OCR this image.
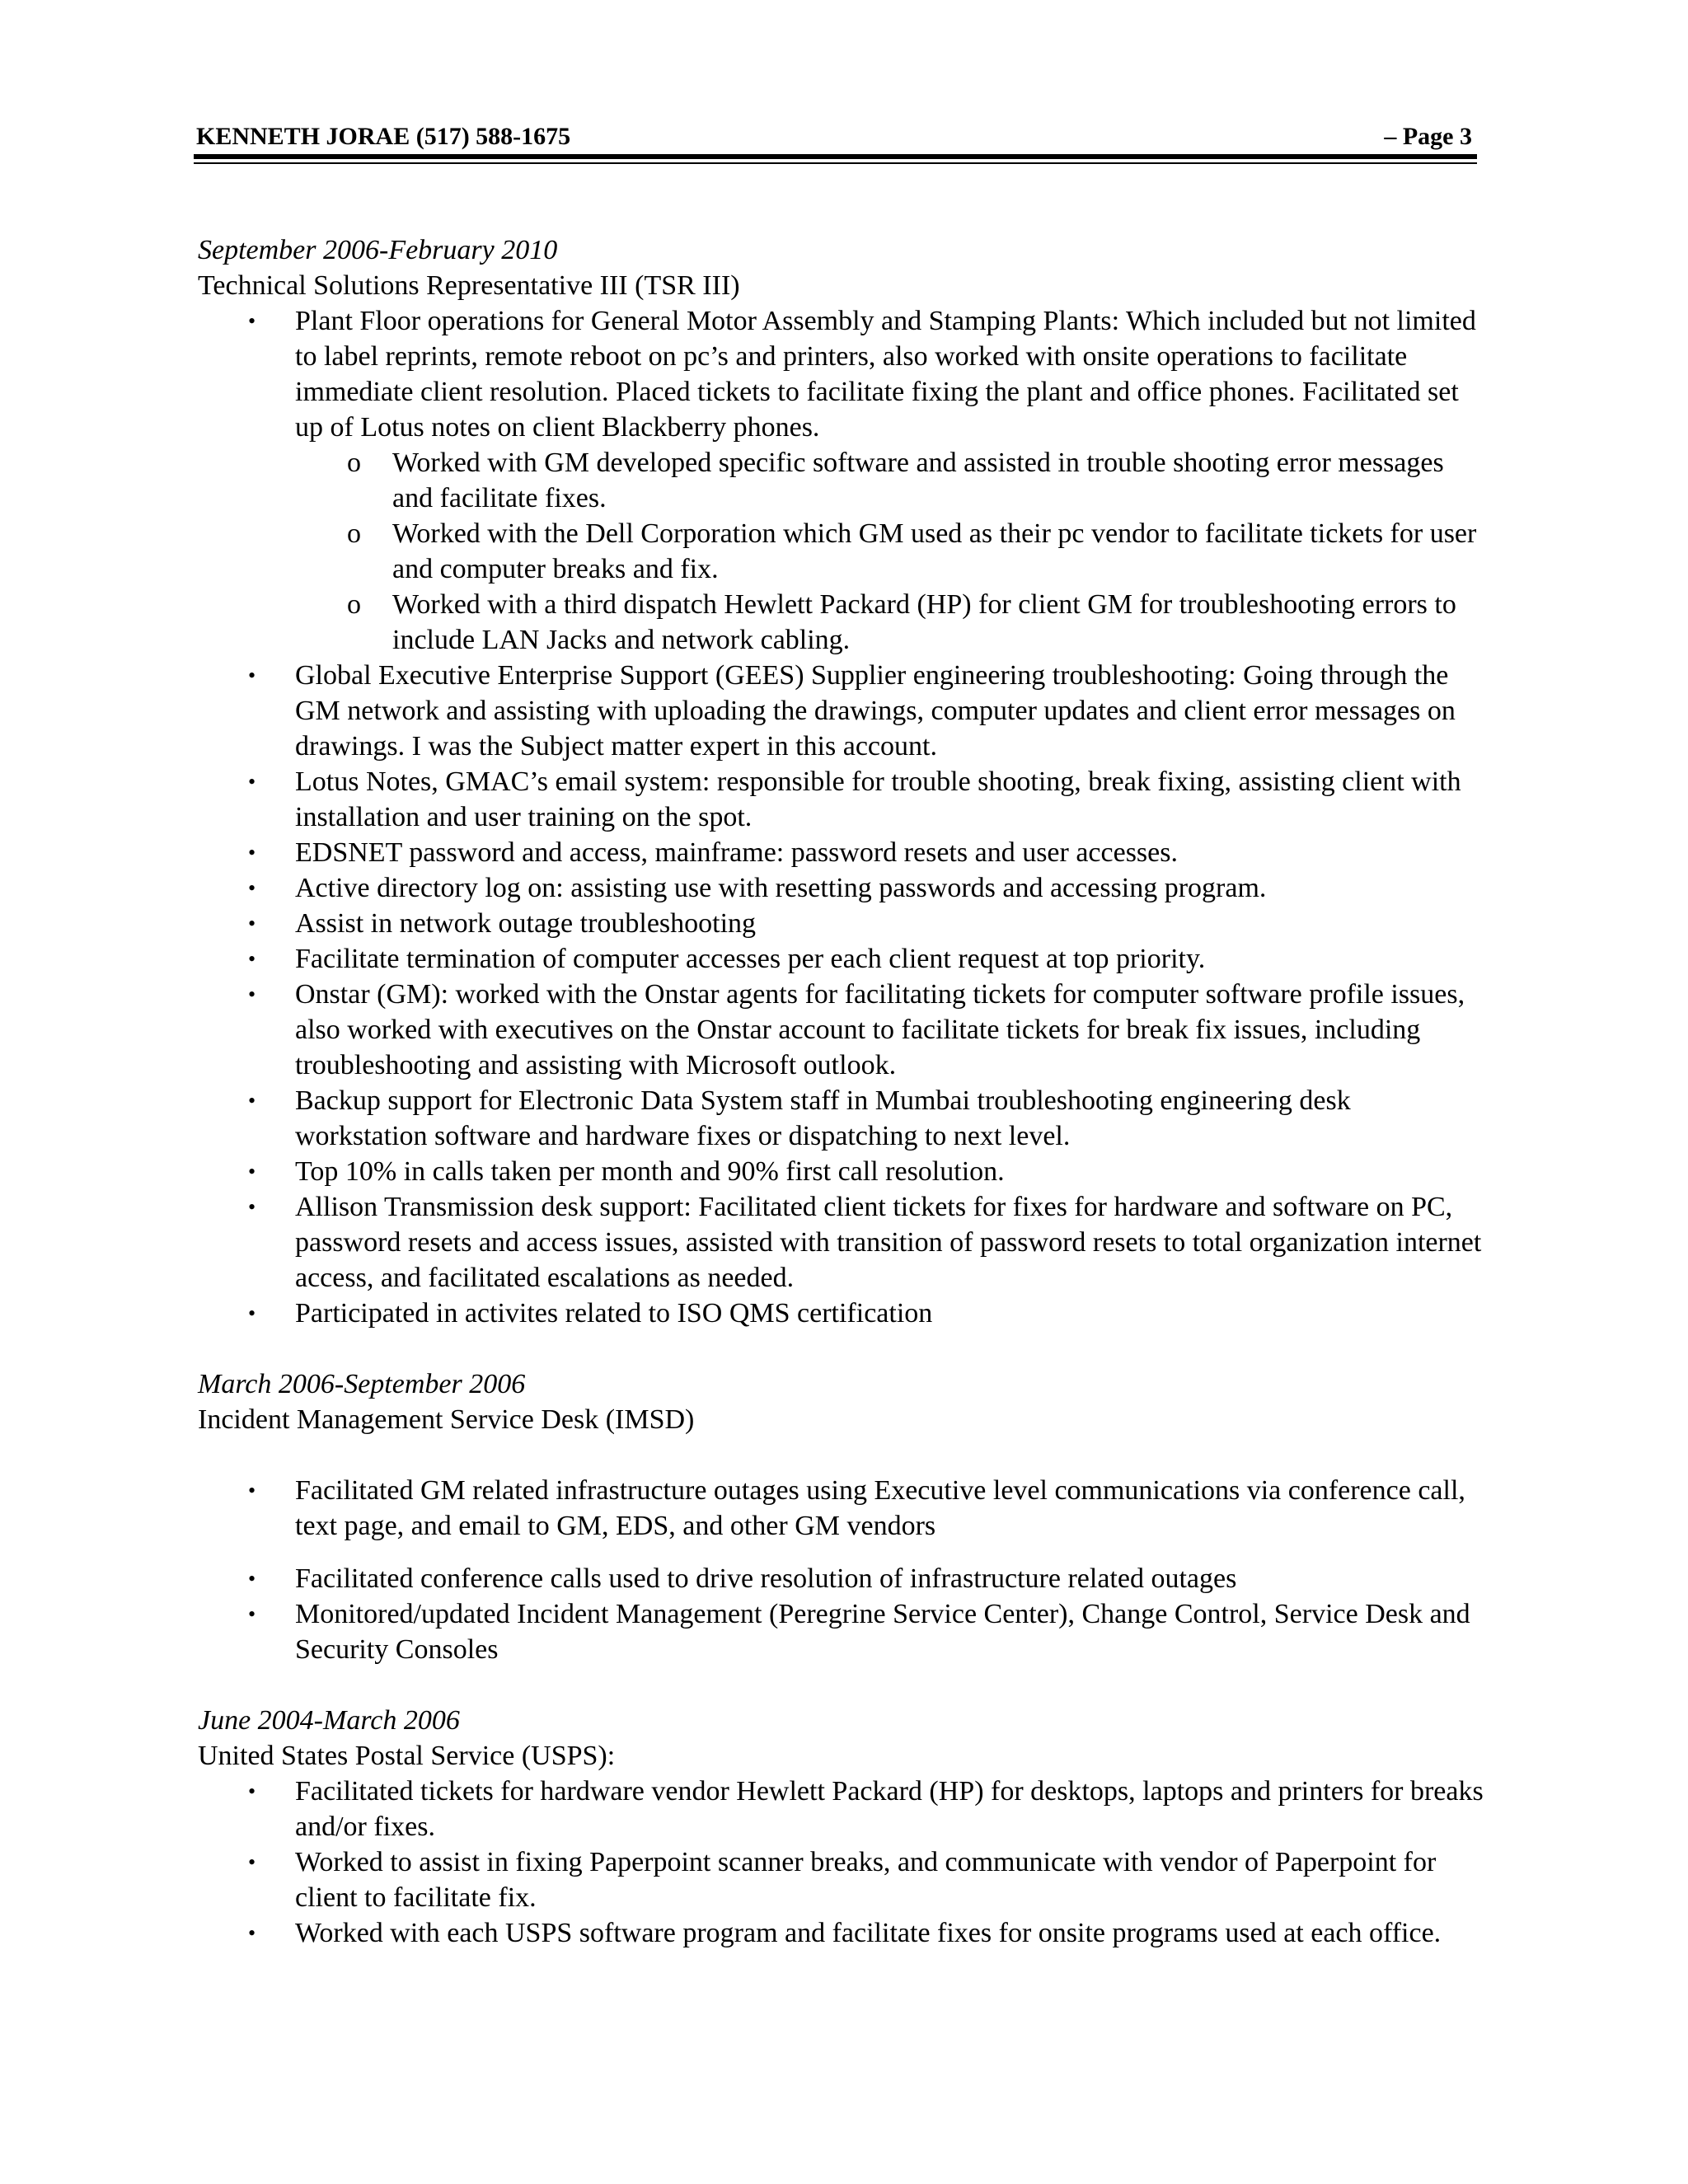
KENNETH JORAE (517) 588-1675	– Page 3
September 2006-February 2010
Technical Solutions Representative III (TSR III)
• Plant Floor operations for General Motor Assembly and Stamping Plants: Which included but not limited to label reprints, remote reboot on pc’s and printers, also worked with onsite operations to facilitate immediate client resolution. Placed tickets to facilitate fixing the plant and office phones. Facilitated set up of Lotus notes on client Blackberry phones.
o Worked with GM developed specific software and assisted in trouble shooting error messages and facilitate fixes.
o Worked with the Dell Corporation which GM used as their pc vendor to facilitate tickets for user and computer breaks and fix.
o Worked with a third dispatch Hewlett Packard (HP) for client GM for troubleshooting errors to include LAN Jacks and network cabling.
• Global Executive Enterprise Support (GEES) Supplier engineering troubleshooting: Going through the GM network and assisting with uploading the drawings, computer updates and client error messages on drawings. I was the Subject matter expert in this account.
• Lotus Notes, GMAC’s email system: responsible for trouble shooting, break fixing, assisting client with installation and user training on the spot.
• EDSNET password and access, mainframe: password resets and user accesses.
• Active directory log on: assisting use with resetting passwords and accessing program.
• Assist in network outage troubleshooting
• Facilitate termination of computer accesses per each client request at top priority.
• Onstar (GM): worked with the Onstar agents for facilitating tickets for computer software profile issues, also worked with executives on the Onstar account to facilitate tickets for break fix issues, including troubleshooting and assisting with Microsoft outlook.
• Backup support for Electronic Data System staff in Mumbai troubleshooting engineering desk workstation software and hardware fixes or dispatching to next level.
• Top 10% in calls taken per month and 90% first call resolution.
• Allison Transmission desk support: Facilitated client tickets for fixes for hardware and software on PC, password resets and access issues, assisted with transition of password resets to total organization internet access, and facilitated escalations as needed.
• Participated in activites related to ISO QMS certification
March 2006-September 2006
Incident Management Service Desk (IMSD)
• Facilitated GM related infrastructure outages using Executive level communications via conference call, text page, and email to GM, EDS, and other GM vendors
• Facilitated conference calls used to drive resolution of infrastructure related outages
• Monitored/updated Incident Management (Peregrine Service Center), Change Control, Service Desk and Security Consoles
June 2004-March 2006
United States Postal Service (USPS):
• Facilitated tickets for hardware vendor Hewlett Packard (HP) for desktops, laptops and printers for breaks and/or fixes.
• Worked to assist in fixing Paperpoint scanner breaks, and communicate with vendor of Paperpoint for client to facilitate fix.
• Worked with each USPS software program and facilitate fixes for onsite programs used at each office.
